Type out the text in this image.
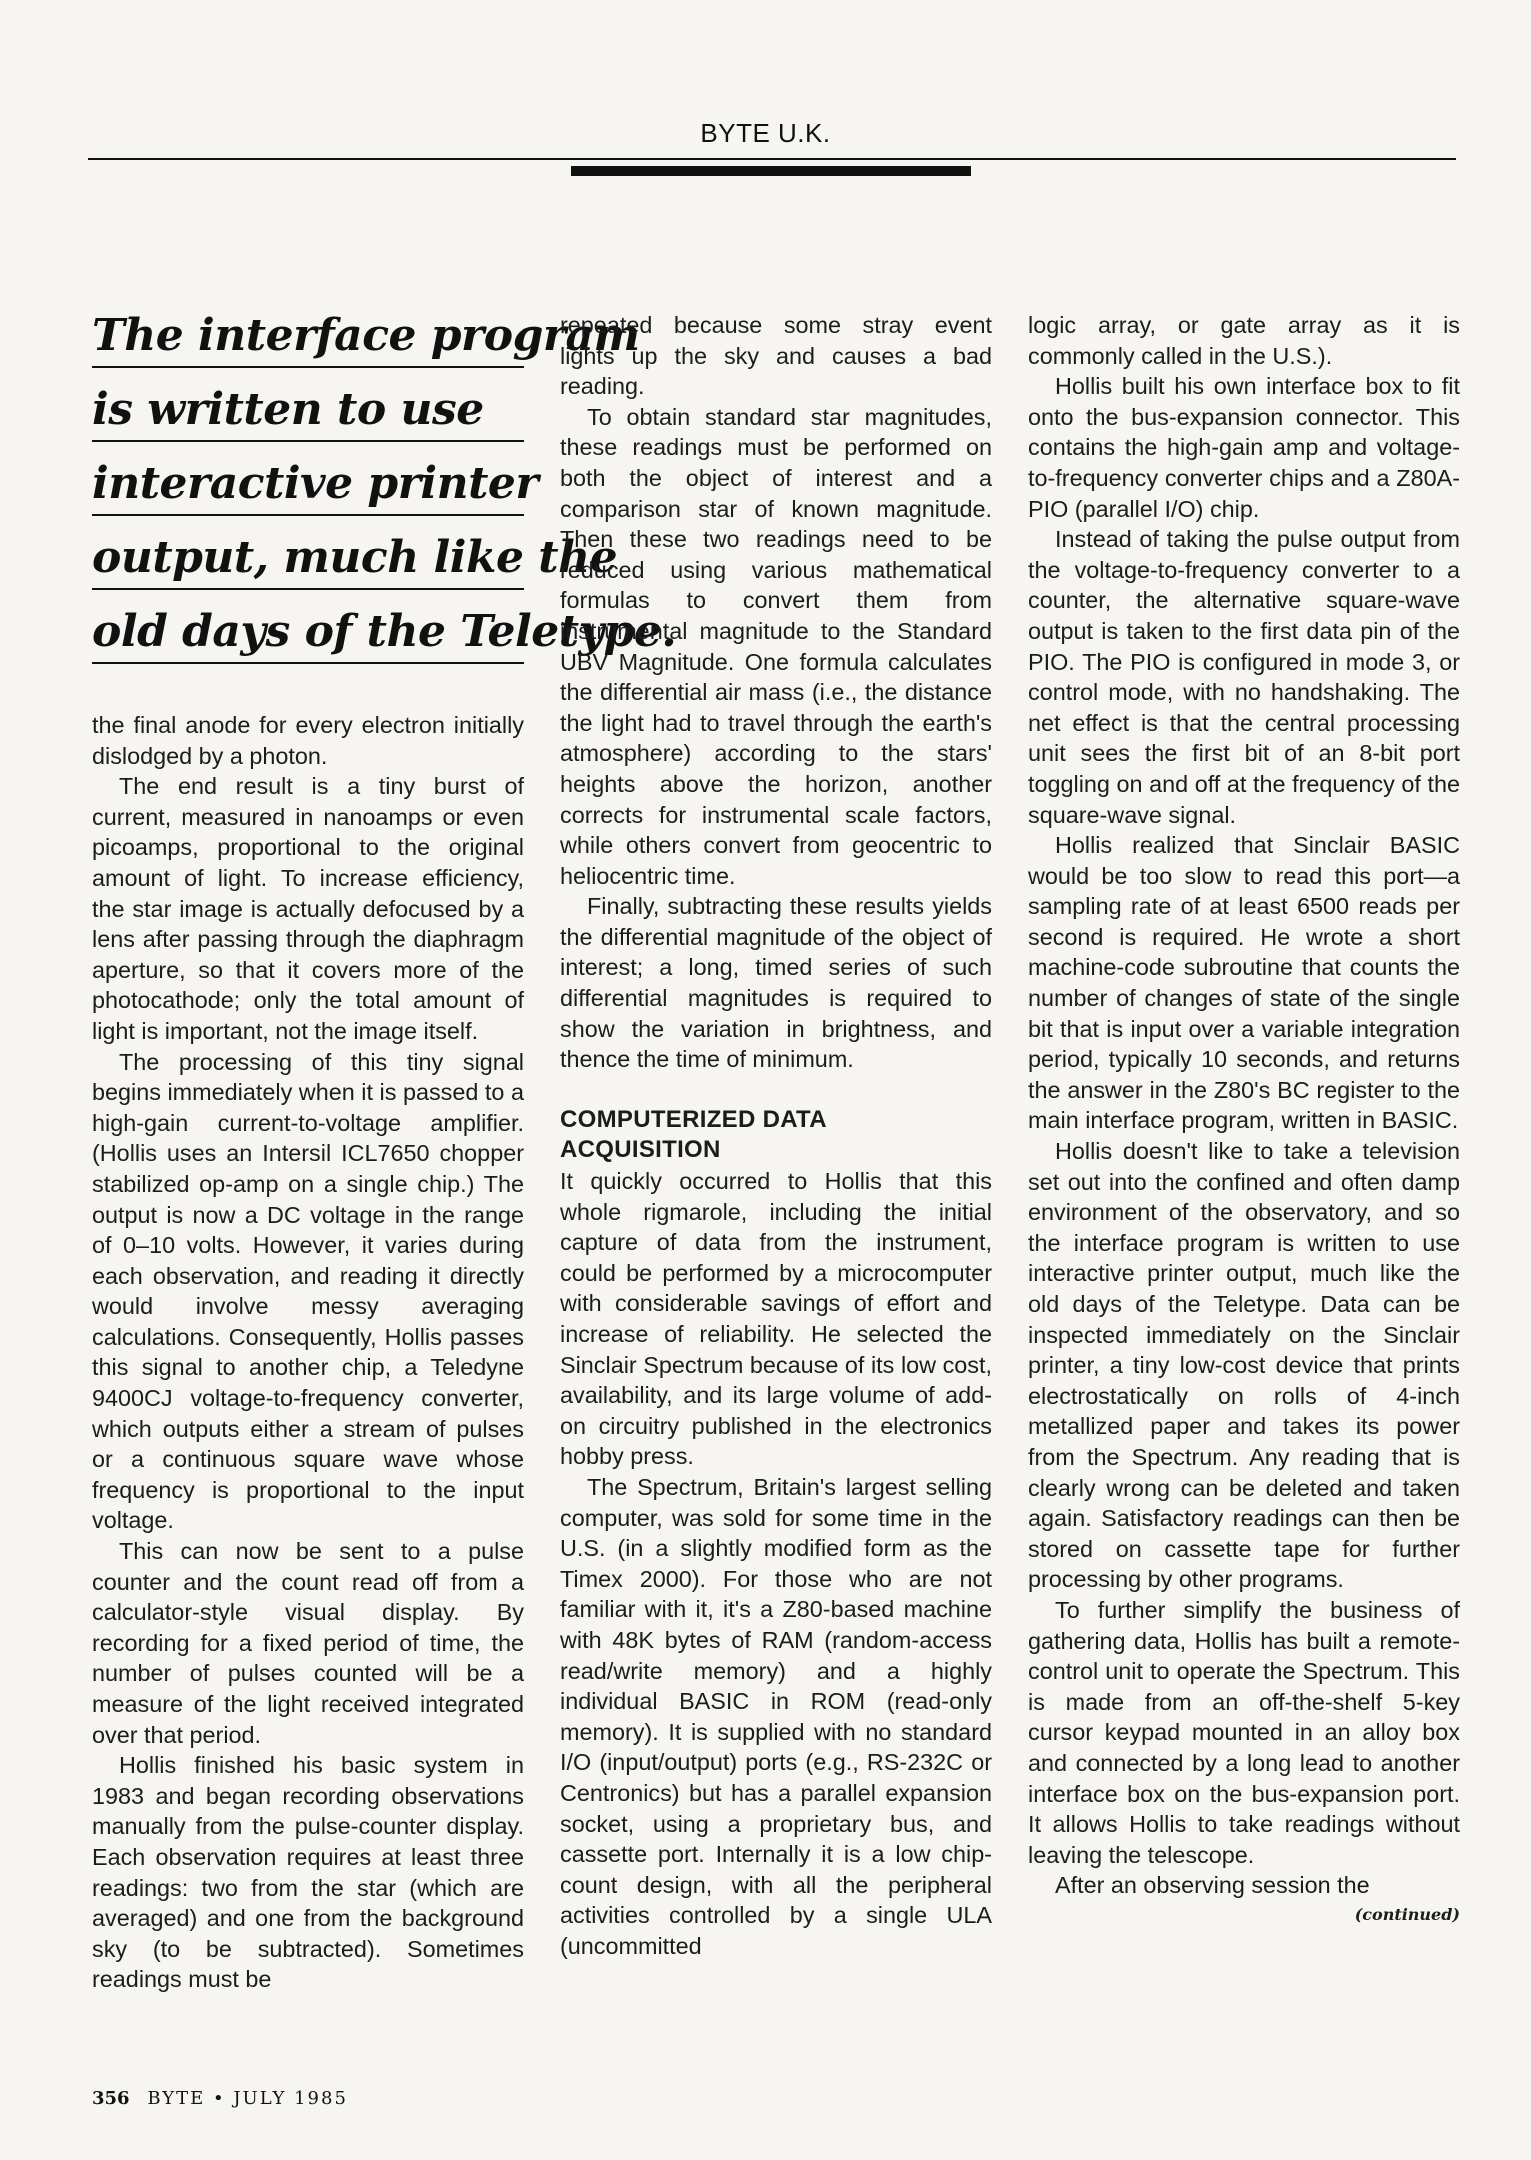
BYTE U.K.
The interface program
is written to use
interactive printer
output, much like the
old days of the Teletype.

the final anode for every electron initially dislodged by a photon.

The end result is a tiny burst of current, measured in nanoamps or even picoamps, proportional to the original amount of light. To increase efficiency, the star image is actually defocused by a lens after passing through the diaphragm aperture, so that it covers more of the photocathode; only the total amount of light is important, not the image itself.

The processing of this tiny signal begins immediately when it is passed to a high-gain current-to-voltage amplifier. (Hollis uses an Intersil ICL7650 chopper stabilized op-amp on a single chip.) The output is now a DC voltage in the range of 0–10 volts. However, it varies during each observation, and reading it directly would involve messy averaging calculations. Consequently, Hollis passes this signal to another chip, a Teledyne 9400CJ voltage-to-frequency converter, which outputs either a stream of pulses or a continuous square wave whose frequency is proportional to the input voltage.

This can now be sent to a pulse counter and the count read off from a calculator-style visual display. By recording for a fixed period of time, the number of pulses counted will be a measure of the light received integrated over that period.

Hollis finished his basic system in 1983 and began recording observations manually from the pulse-counter display. Each observation requires at least three readings: two from the star (which are averaged) and one from the background sky (to be subtracted). Sometimes readings must be

repeated because some stray event lights up the sky and causes a bad reading.

To obtain standard star magnitudes, these readings must be performed on both the object of interest and a comparison star of known magnitude. Then these two readings need to be reduced using various mathematical formulas to convert them from instrumental magnitude to the Standard UBV Magnitude. One formula calculates the differential air mass (i.e., the distance the light had to travel through the earth's atmosphere) according to the stars' heights above the horizon, another corrects for instrumental scale factors, while others convert from geocentric to heliocentric time.

Finally, subtracting these results yields the differential magnitude of the object of interest; a long, timed series of such differential magnitudes is required to show the variation in brightness, and thence the time of minimum.

COMPUTERIZED DATA
ACQUISITION

It quickly occurred to Hollis that this whole rigmarole, including the initial capture of data from the instrument, could be performed by a microcomputer with considerable savings of effort and increase of reliability. He selected the Sinclair Spectrum because of its low cost, availability, and its large volume of add-on circuitry published in the electronics hobby press.

The Spectrum, Britain's largest selling computer, was sold for some time in the U.S. (in a slightly modified form as the Timex 2000). For those who are not familiar with it, it's a Z80-based machine with 48K bytes of RAM (random-access read/write memory) and a highly individual BASIC in ROM (read-only memory). It is supplied with no standard I/O (input/output) ports (e.g., RS-232C or Centronics) but has a parallel expansion socket, using a proprietary bus, and cassette port. Internally it is a low chip-count design, with all the peripheral activities controlled by a single ULA (uncommitted

logic array, or gate array as it is commonly called in the U.S.).

Hollis built his own interface box to fit onto the bus-expansion connector. This contains the high-gain amp and voltage-to-frequency converter chips and a Z80A-PIO (parallel I/O) chip.

Instead of taking the pulse output from the voltage-to-frequency converter to a counter, the alternative square-wave output is taken to the first data pin of the PIO. The PIO is configured in mode 3, or control mode, with no handshaking. The net effect is that the central processing unit sees the first bit of an 8-bit port toggling on and off at the frequency of the square-wave signal.

Hollis realized that Sinclair BASIC would be too slow to read this port—a sampling rate of at least 6500 reads per second is required. He wrote a short machine-code subroutine that counts the number of changes of state of the single bit that is input over a variable integration period, typically 10 seconds, and returns the answer in the Z80's BC register to the main interface program, written in BASIC.

Hollis doesn't like to take a television set out into the confined and often damp environment of the observatory, and so the interface program is written to use interactive printer output, much like the old days of the Teletype. Data can be inspected immediately on the Sinclair printer, a tiny low-cost device that prints electrostatically on rolls of 4-inch metallized paper and takes its power from the Spectrum. Any reading that is clearly wrong can be deleted and taken again. Satisfactory readings can then be stored on cassette tape for further processing by other programs.

To further simplify the business of gathering data, Hollis has built a remote-control unit to operate the Spectrum. This is made from an off-the-shelf 5-key cursor keypad mounted in an alloy box and connected by a long lead to another interface box on the bus-expansion port. It allows Hollis to take readings without leaving the telescope.

After an observing session the

(continued)
356 BYTE • JULY 1985
